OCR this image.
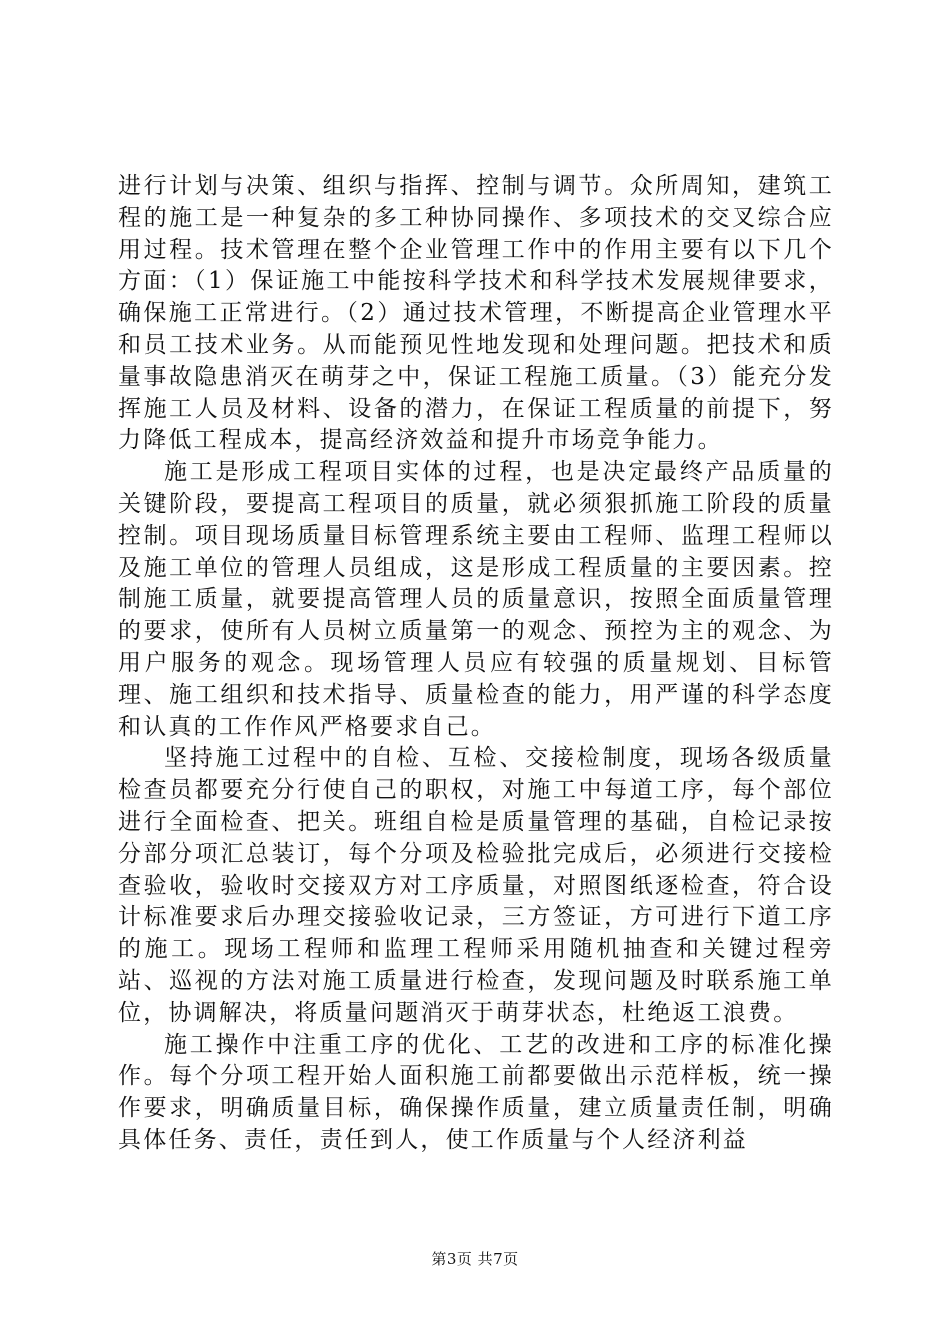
进行计划与决策、组织与指挥、控制与调节。众所周知，建筑工程的施工是一种复杂的多工种协同操作、多项技术的交叉综合应用过程。技术管理在整个企业管理工作中的作用主要有以下几个方面：（1）保证施工中能按科学技术和科学技术发展规律要求，确保施工正常进行。（2）通过技术管理，不断提高企业管理水平和员工技术业务。从而能预见性地发现和处理问题。把技术和质量事故隐患消灭在萌芽之中，保证工程施工质量。（3）能充分发挥施工人员及材料、设备的潜力，在保证工程质量的前提下，努力降低工程成本，提高经济效益和提升市场竞争能力。

施工是形成工程项目实体的过程，也是决定最终产品质量的关键阶段，要提高工程项目的质量，就必须狠抓施工阶段的质量控制。项目现场质量目标管理系统主要由工程师、监理工程师以及施工单位的管理人员组成，这是形成工程质量的主要因素。控制施工质量，就要提高管理人员的质量意识，按照全面质量管理的要求，使所有人员树立质量第一的观念、预控为主的观念、为用户服务的观念。现场管理人员应有较强的质量规划、目标管理、施工组织和技术指导、质量检查的能力，用严谨的科学态度和认真的工作作风严格要求自己。

坚持施工过程中的自检、互检、交接检制度，现场各级质量检查员都要充分行使自己的职权，对施工中每道工序，每个部位进行全面检查、把关。班组自检是质量管理的基础，自检记录按分部分项汇总装订，每个分项及检验批完成后，必须进行交接检查验收，验收时交接双方对工序质量，对照图纸逐检查，符合设计标准要求后办理交接验收记录，三方签证，方可进行下道工序的施工。现场工程师和监理工程师采用随机抽查和关键过程旁站、巡视的方法对施工质量进行检查，发现问题及时联系施工单位，协调解决，将质量问题消灭于萌芽状态，杜绝返工浪费。

施工操作中注重工序的优化、工艺的改进和工序的标准化操作。每个分项工程开始人面积施工前都要做出示范样板，统一操作要求，明确质量目标，确保操作质量，建立质量责任制，明确具体任务、责任，责任到人，使工作质量与个人经济利益

第3页 共7页
